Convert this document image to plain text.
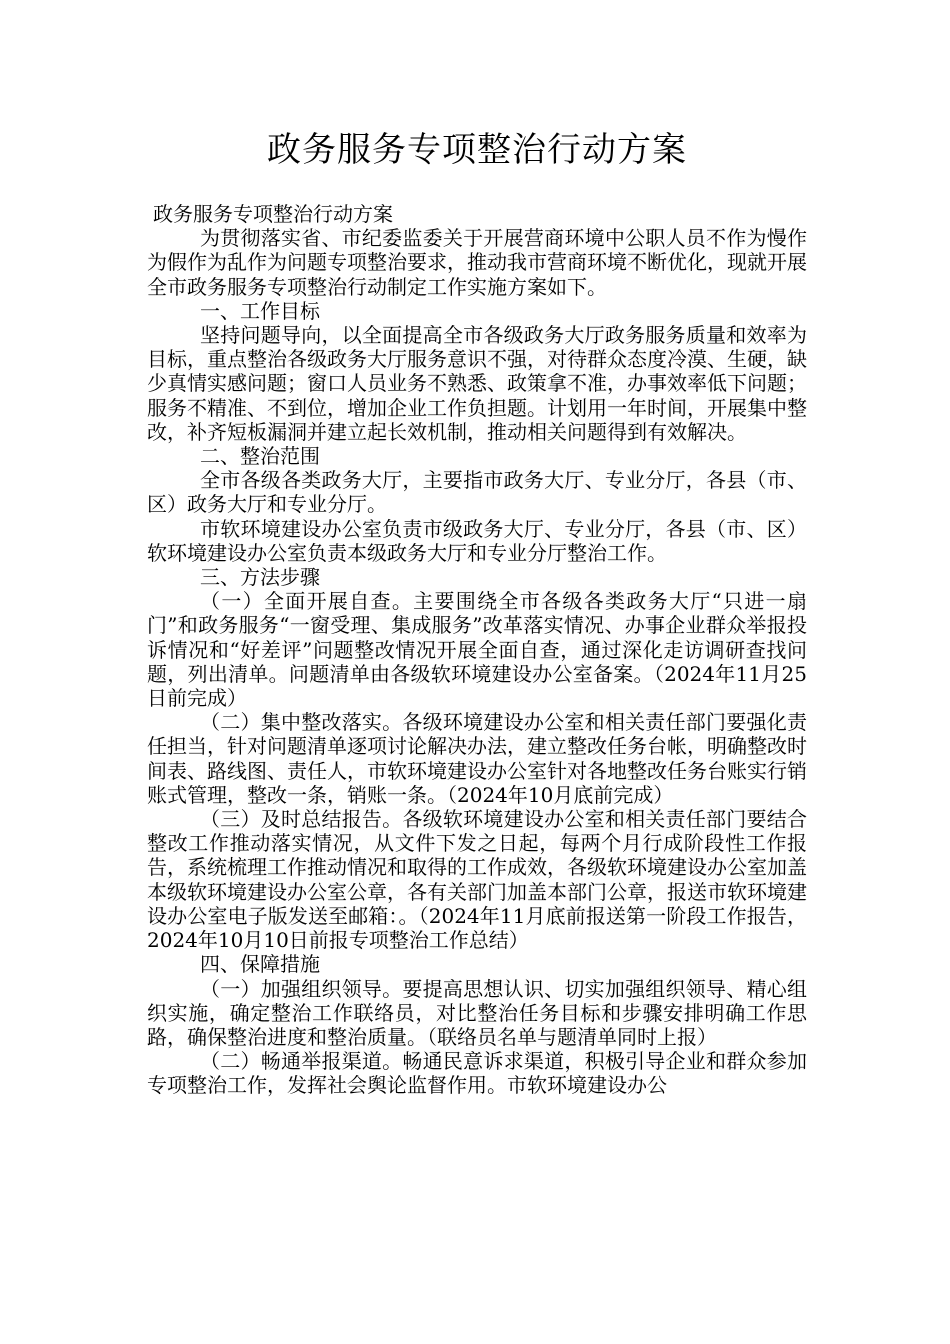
政务服务专项整治行动方案

政务服务专项整治行动方案

为贯彻落实省、市纪委监委关于开展营商环境中公职人员不作为慢作为假作为乱作为问题专项整治要求，推动我市营商环境不断优化，现就开展全市政务服务专项整治行动制定工作实施方案如下。

一、工作目标

坚持问题导向，以全面提高全市各级政务大厅政务服务质量和效率为目标，重点整治各级政务大厅服务意识不强，对待群众态度冷漠、生硬，缺少真情实感问题；窗口人员业务不熟悉、政策拿不准，办事效率低下问题；服务不精准、不到位，增加企业工作负担题。计划用一年时间，开展集中整改，补齐短板漏洞并建立起长效机制，推动相关问题得到有效解决。

二、整治范围

全市各级各类政务大厅，主要指市政务大厅、专业分厅，各县（市、区）政务大厅和专业分厅。

市软环境建设办公室负责市级政务大厅、专业分厅，各县（市、区）软环境建设办公室负责本级政务大厅和专业分厅整治工作。

三、方法步骤

（一）全面开展自查。主要围绕全市各级各类政务大厅“只进一扇门”和政务服务“一窗受理、集成服务”改革落实情况、办事企业群众举报投诉情况和“好差评”问题整改情况开展全面自查，通过深化走访调研查找问题，列出清单。问题清单由各级软环境建设办公室备案。（2024年11月25日前完成）

（二）集中整改落实。各级环境建设办公室和相关责任部门要强化责任担当，针对问题清单逐项讨论解决办法，建立整改任务台帐，明确整改时间表、路线图、责任人，市软环境建设办公室针对各地整改任务台账实行销账式管理，整改一条，销账一条。（2024年10月底前完成）

（三）及时总结报告。各级软环境建设办公室和相关责任部门要结合整改工作推动落实情况，从文件下发之日起，每两个月行成阶段性工作报告，系统梳理工作推动情况和取得的工作成效，各级软环境建设办公室加盖本级软环境建设办公室公章，各有关部门加盖本部门公章，报送市软环境建设办公室电子版发送至邮箱：。（2024年11月底前报送第一阶段工作报告，2024年10月10日前报专项整治工作总结）

四、保障措施

（一）加强组织领导。要提高思想认识、切实加强组织领导、精心组织实施，确定整治工作联络员，对比整治任务目标和步骤安排明确工作思路，确保整治进度和整治质量。（联络员名单与题清单同时上报）

（二）畅通举报渠道。畅通民意诉求渠道，积极引导企业和群众参加专项整治工作，发挥社会舆论监督作用。市软环境建设办公
